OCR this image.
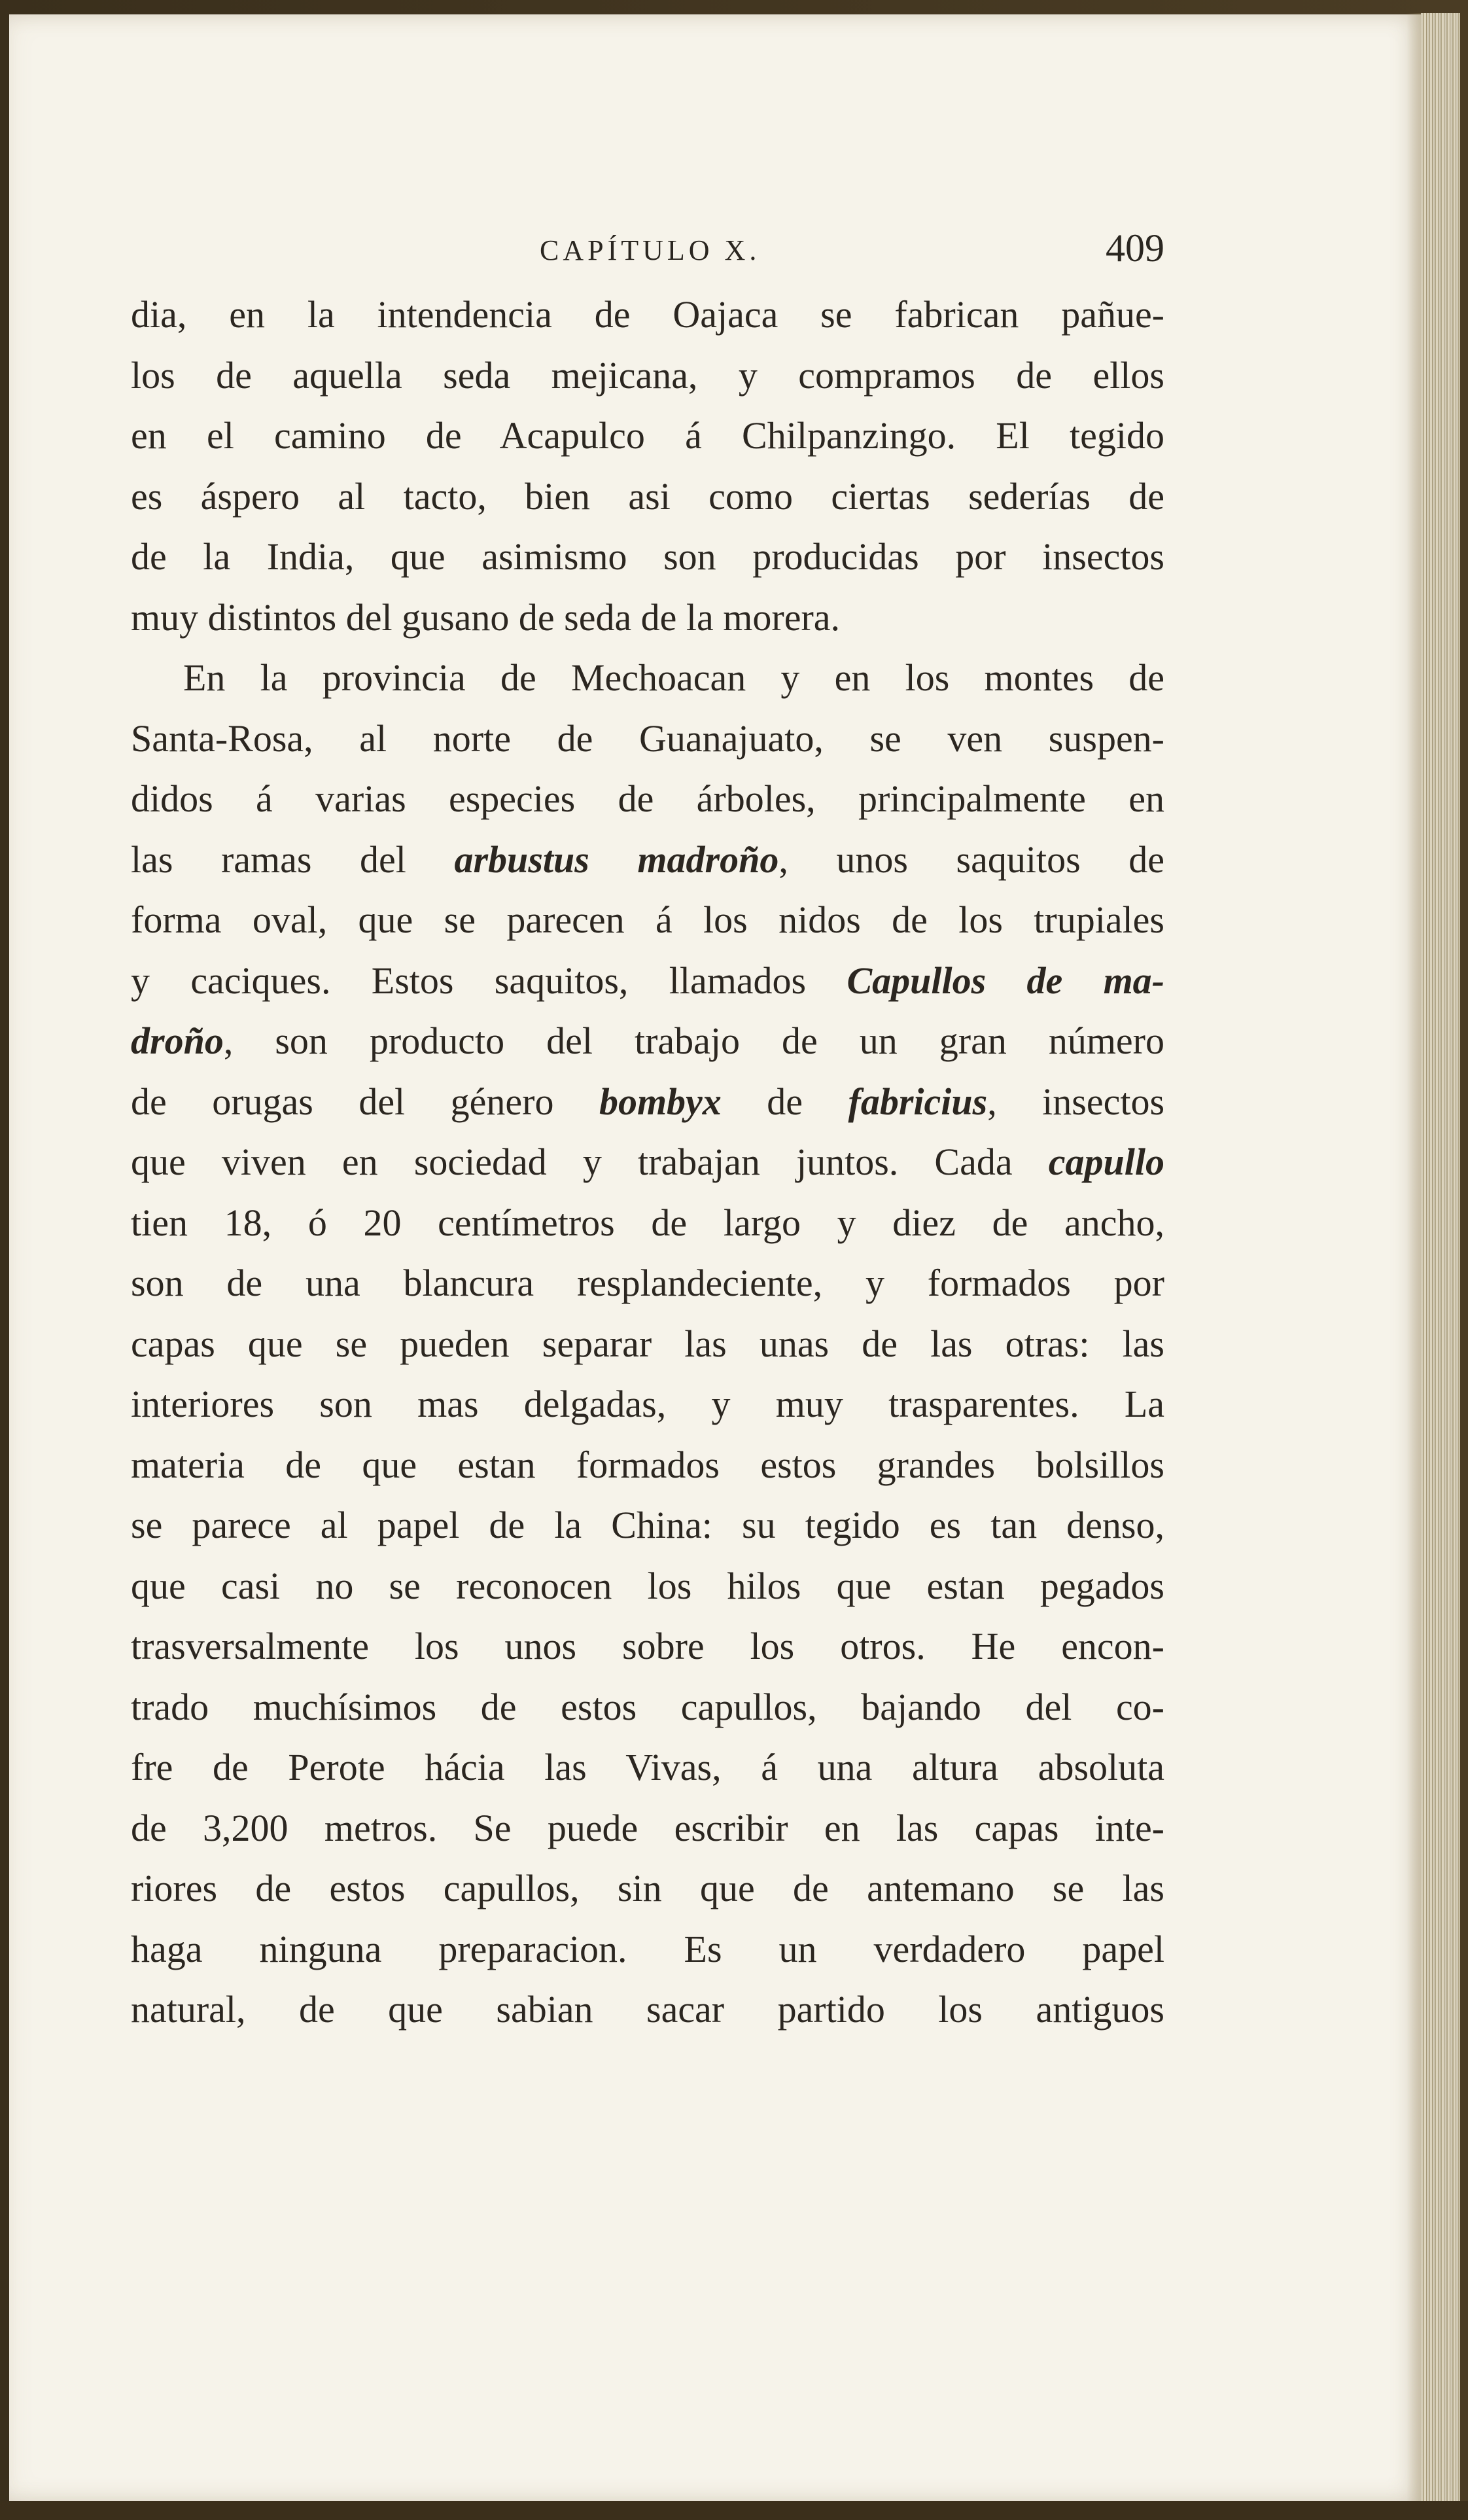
CAPÍTULO X.	409
dia, en la intendencia de Oajaca se fabrican pañue-
los de aquella seda mejicana, y compramos de ellos
en el camino de Acapulco á Chilpanzingo. El tegido
es áspero al tacto, bien asi como ciertas sederías de
de la India, que asimismo son producidas por insectos
muy distintos del gusano de seda de la morera.
En la provincia de Mechoacan y en los montes de
Santa-Rosa, al norte de Guanajuato, se ven suspen-
didos á varias especies de árboles, principalmente en
las ramas del arbustus madroño, unos saquitos de
forma oval, que se parecen á los nidos de los trupiales
y caciques. Estos saquitos, llamados Capullos de ma-
droño, son producto del trabajo de un gran número
de orugas del género bombyx de fabricius, insectos
que viven en sociedad y trabajan juntos. Cada capullo
tien 18, ó 20 centímetros de largo y diez de ancho,
son de una blancura resplandeciente, y formados por
capas que se pueden separar las unas de las otras: las
interiores son mas delgadas, y muy trasparentes. La
materia de que estan formados estos grandes bolsillos
se parece al papel de la China: su tegido es tan denso,
que casi no se reconocen los hilos que estan pegados
trasversalmente los unos sobre los otros. He encon-
trado muchísimos de estos capullos, bajando del co-
fre de Perote hácia las Vivas, á una altura absoluta
de 3,200 metros. Se puede escribir en las capas inte-
riores de estos capullos, sin que de antemano se las
haga ninguna preparacion. Es un verdadero papel
natural, de que sabian sacar partido los antiguos
